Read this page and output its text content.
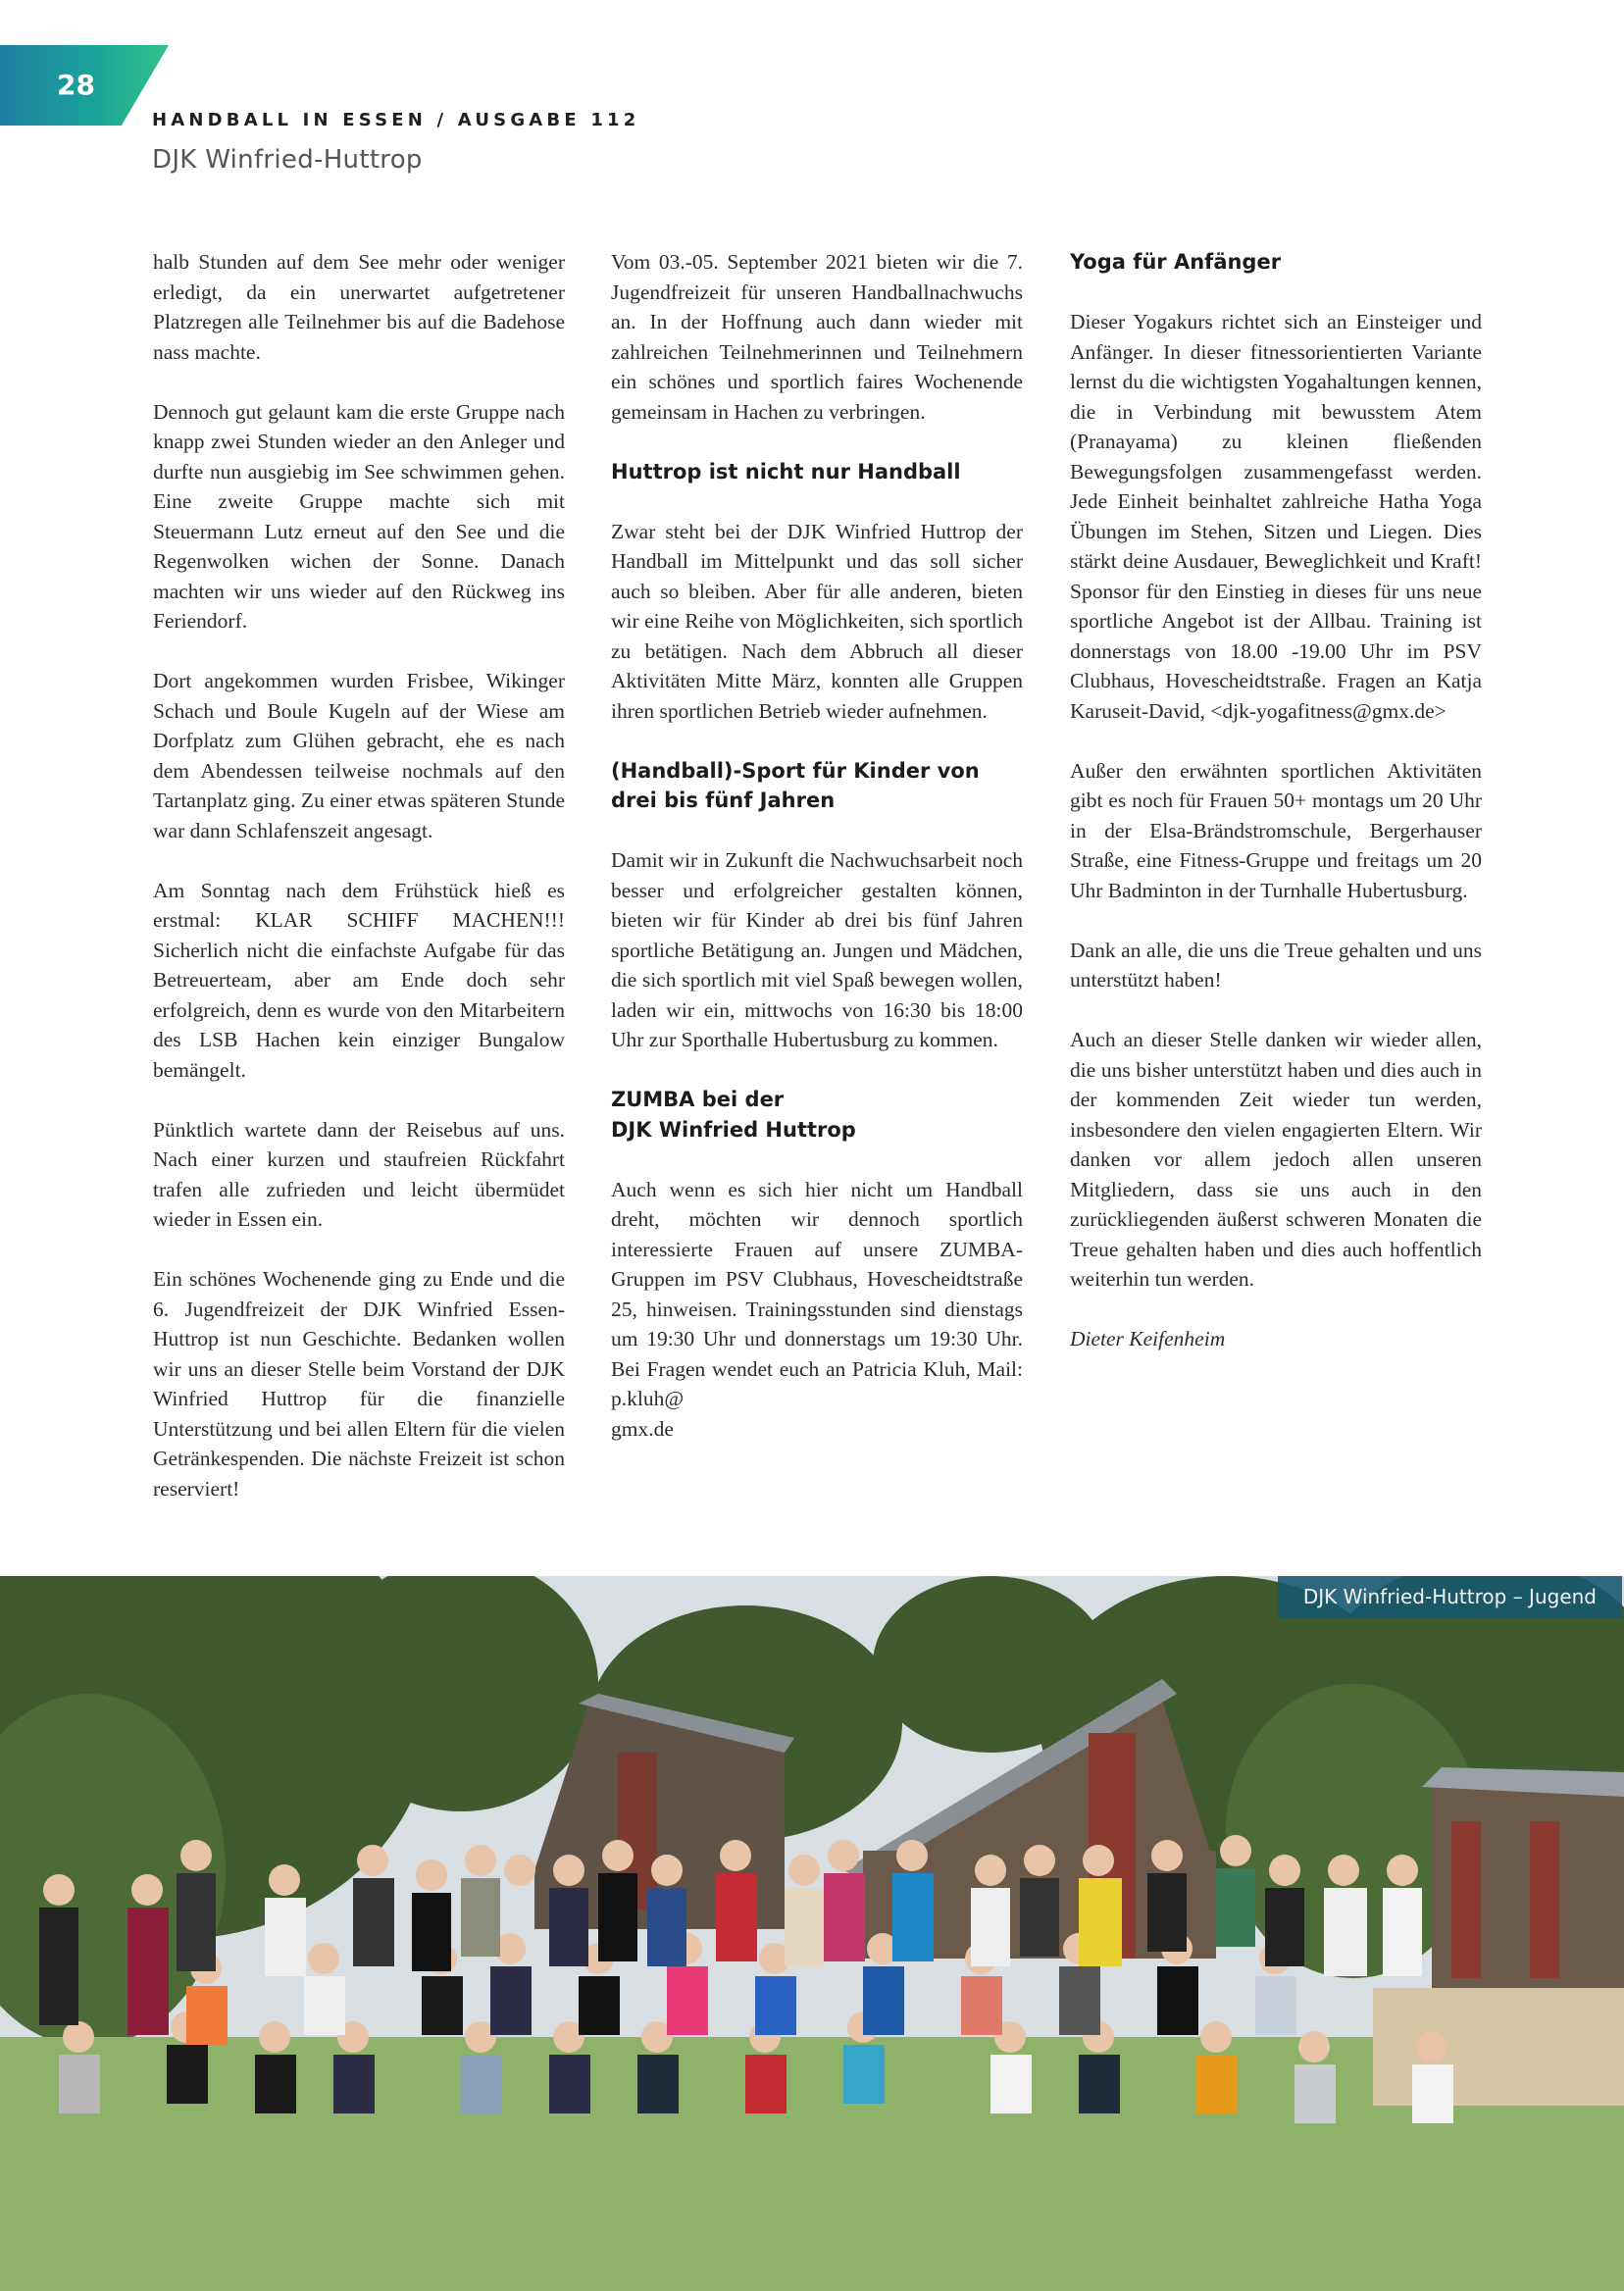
28
HANDBALL IN ESSEN / AUSGABE 112
DJK Winfried-Huttrop

halb Stunden auf dem See mehr oder weniger erledigt, da ein unerwartet aufgetretener Platzregen alle Teilnehmer bis auf die Badehose nass machte.

Dennoch gut gelaunt kam die erste Gruppe nach knapp zwei Stunden wieder an den Anleger und durfte nun ausgiebig im See schwimmen gehen. Eine zweite Gruppe machte sich mit Steuermann Lutz erneut auf den See und die Regenwolken wichen der Sonne. Danach machten wir uns wieder auf den Rückweg ins Feriendorf.

Dort angekommen wurden Frisbee, Wikinger Schach und Boule Kugeln auf der Wiese am Dorfplatz zum Glühen gebracht, ehe es nach dem Abendessen teilweise nochmals auf den Tartanplatz ging. Zu einer etwas späteren Stunde war dann Schlafenszeit angesagt.

Am Sonntag nach dem Frühstück hieß es erstmal: KLAR SCHIFF MACHEN!!! Sicherlich nicht die einfachste Aufgabe für das Betreuerteam, aber am Ende doch sehr erfolgreich, denn es wurde von den Mitarbeitern des LSB Hachen kein einziger Bungalow bemängelt.

Pünktlich wartete dann der Reisebus auf uns. Nach einer kurzen und staufreien Rückfahrt trafen alle zufrieden und leicht übermüdet wieder in Essen ein.

Ein schönes Wochenende ging zu Ende und die 6. Jugendfreizeit der DJK Winfried Essen-Huttrop ist nun Geschichte. Bedanken wollen wir uns an dieser Stelle beim Vorstand der DJK Winfried Huttrop für die finanzielle Unterstützung und bei allen Eltern für die vielen Getränkespenden. Die nächste Freizeit ist schon reserviert!

Vom 03.-05. September 2021 bieten wir die 7. Jugendfreizeit für unseren Handballnachwuchs an. In der Hoffnung auch dann wieder mit zahlreichen Teilnehmerinnen und Teilnehmern ein schönes und sportlich faires Wochenende gemeinsam in Hachen zu verbringen.

Huttrop ist nicht nur Handball

Zwar steht bei der DJK Winfried Huttrop der Handball im Mittelpunkt und das soll sicher auch so bleiben. Aber für alle anderen, bieten wir eine Reihe von Möglichkeiten, sich sportlich zu betätigen. Nach dem Abbruch all dieser Aktivitäten Mitte März, konnten alle Gruppen ihren sportlichen Betrieb wieder aufnehmen.

(Handball)-Sport für Kinder von drei bis fünf Jahren

Damit wir in Zukunft die Nachwuchsarbeit noch besser und erfolgreicher gestalten können, bieten wir für Kinder ab drei bis fünf Jahren sportliche Betätigung an. Jungen und Mädchen, die sich sportlich mit viel Spaß bewegen wollen, laden wir ein, mittwochs von 16:30 bis 18:00 Uhr zur Sporthalle Hubertusburg zu kommen.

ZUMBA bei der
DJK Winfried Huttrop

Auch wenn es sich hier nicht um Handball dreht, möchten wir dennoch sportlich interessierte Frauen auf unsere ZUMBA-Gruppen im PSV Clubhaus, Hovescheidtstraße 25, hinweisen. Trainingsstunden sind dienstags um 19:30 Uhr und donnerstags um 19:30 Uhr. Bei Fragen wendet euch an Patricia Kluh, Mail: p.kluh@
gmx.de

Yoga für Anfänger

Dieser Yogakurs richtet sich an Einsteiger und Anfänger. In dieser fitnessorientierten Variante lernst du die wichtigsten Yogahaltungen kennen, die in Verbindung mit bewusstem Atem (Pranayama) zu kleinen fließenden Bewegungsfolgen zusammengefasst werden. Jede Einheit beinhaltet zahlreiche Hatha Yoga Übungen im Stehen, Sitzen und Liegen. Dies stärkt deine Ausdauer, Beweglichkeit und Kraft! Sponsor für den Einstieg in dieses für uns neue sportliche Angebot ist der Allbau. Training ist donnerstags von 18.00 -19.00 Uhr im PSV Clubhaus, Hovescheidtstraße. Fragen an Katja Karuseit-David, <djk-yogafitness@gmx.de>

Außer den erwähnten sportlichen Aktivitäten gibt es noch für Frauen 50+ montags um 20 Uhr in der Elsa-Brändstromschule, Bergerhauser Straße, eine Fitness-Gruppe und freitags um 20 Uhr Badminton in der Turnhalle Hubertusburg.

Dank an alle, die uns die Treue gehalten und uns unterstützt haben!

Auch an dieser Stelle danken wir wieder allen, die uns bisher unterstützt haben und dies auch in der kommenden Zeit wieder tun werden, insbesondere den vielen engagierten Eltern. Wir danken vor allem jedoch allen unseren Mitgliedern, dass sie uns auch in den zurückliegenden äußerst schweren Monaten die Treue gehalten haben und dies auch hoffentlich weiterhin tun werden.

Dieter Keifenheim

DJK Winfried-Huttrop – Jugend
